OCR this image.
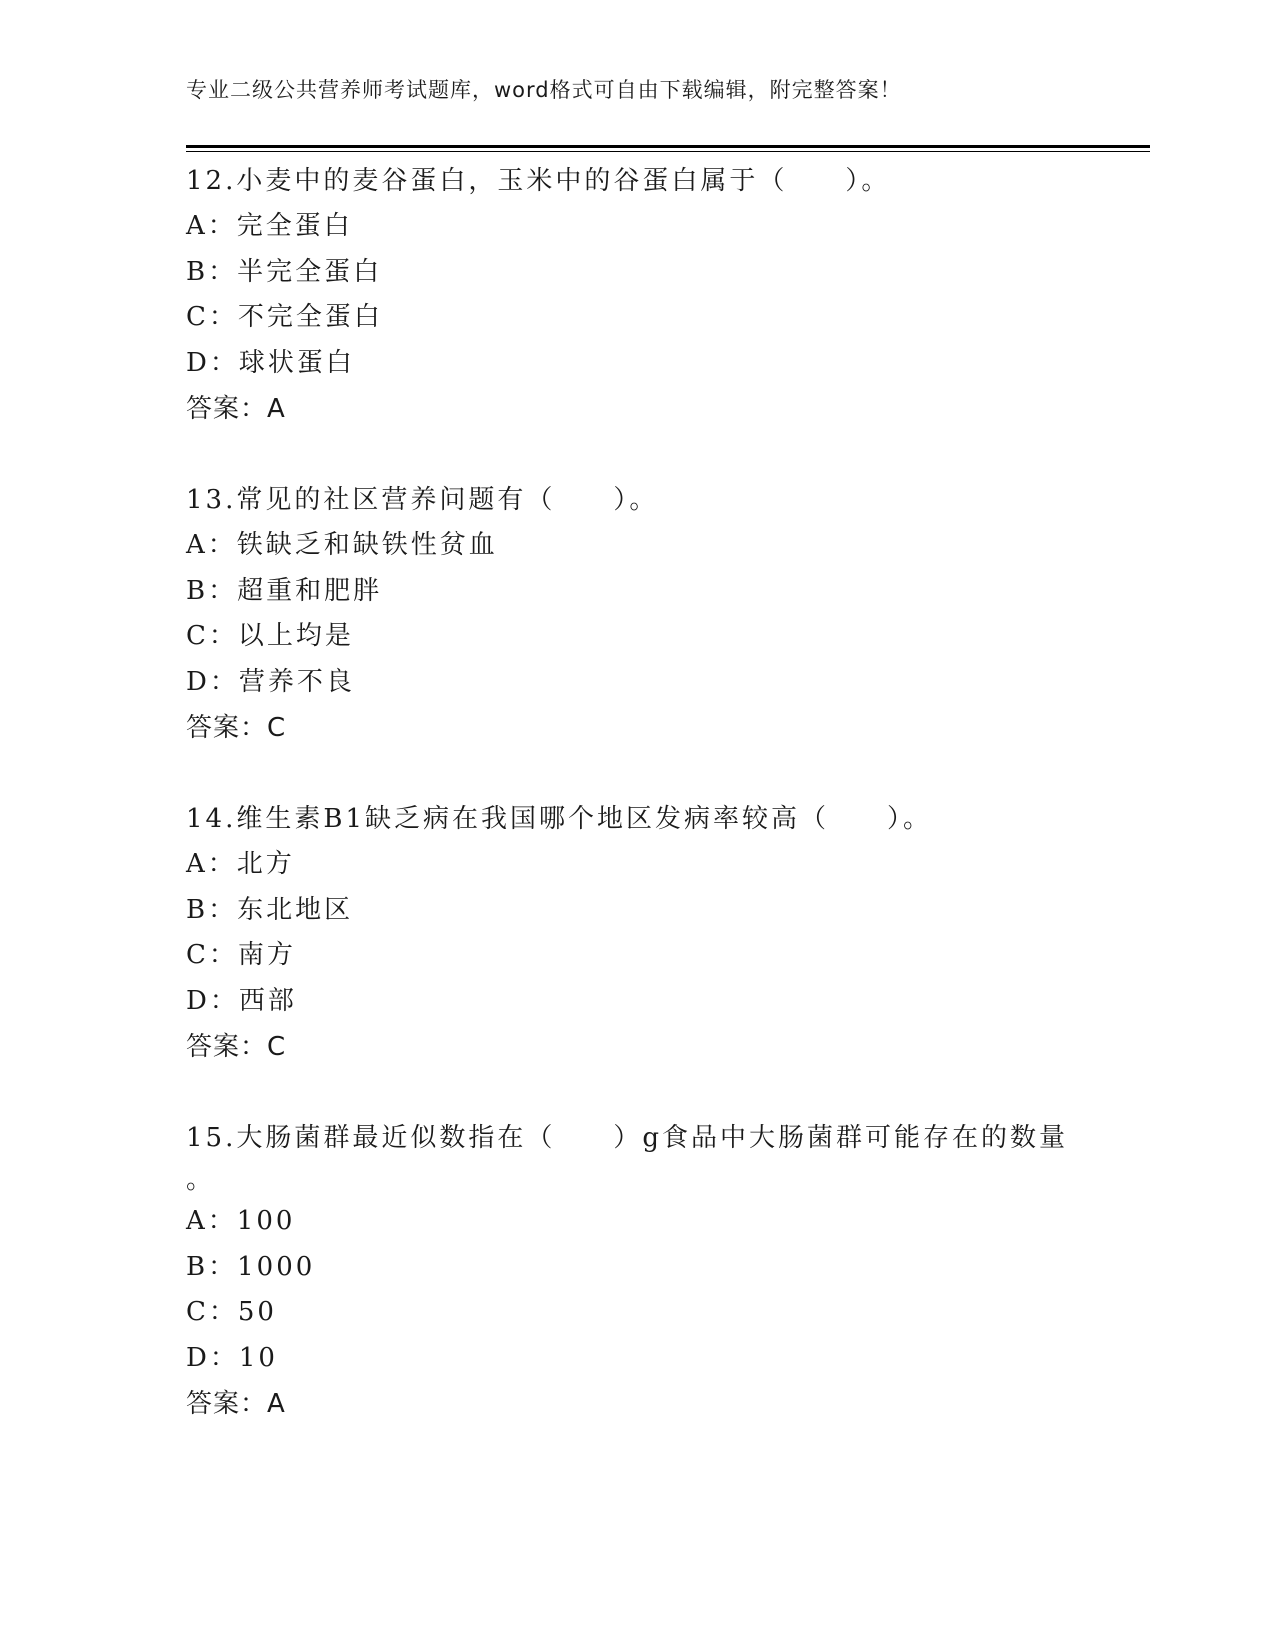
专业二级公共营养师考试题库，word格式可自由下载编辑，附完整答案！
12.小麦中的麦谷蛋白，玉米中的谷蛋白属于（　　）。
A：完全蛋白
B：半完全蛋白
C：不完全蛋白
D：球状蛋白
答案：A
13.常见的社区营养问题有（　　）。
A：铁缺乏和缺铁性贫血
B：超重和肥胖
C：以上均是
D：营养不良
答案：C
14.维生素B1缺乏病在我国哪个地区发病率较高（　　）。
A：北方
B：东北地区
C：南方
D：西部
答案：C
15.大肠菌群最近似数指在（　　）g食品中大肠菌群可能存在的数量
。
A：100
B：1000
C：50
D：10
答案：A
